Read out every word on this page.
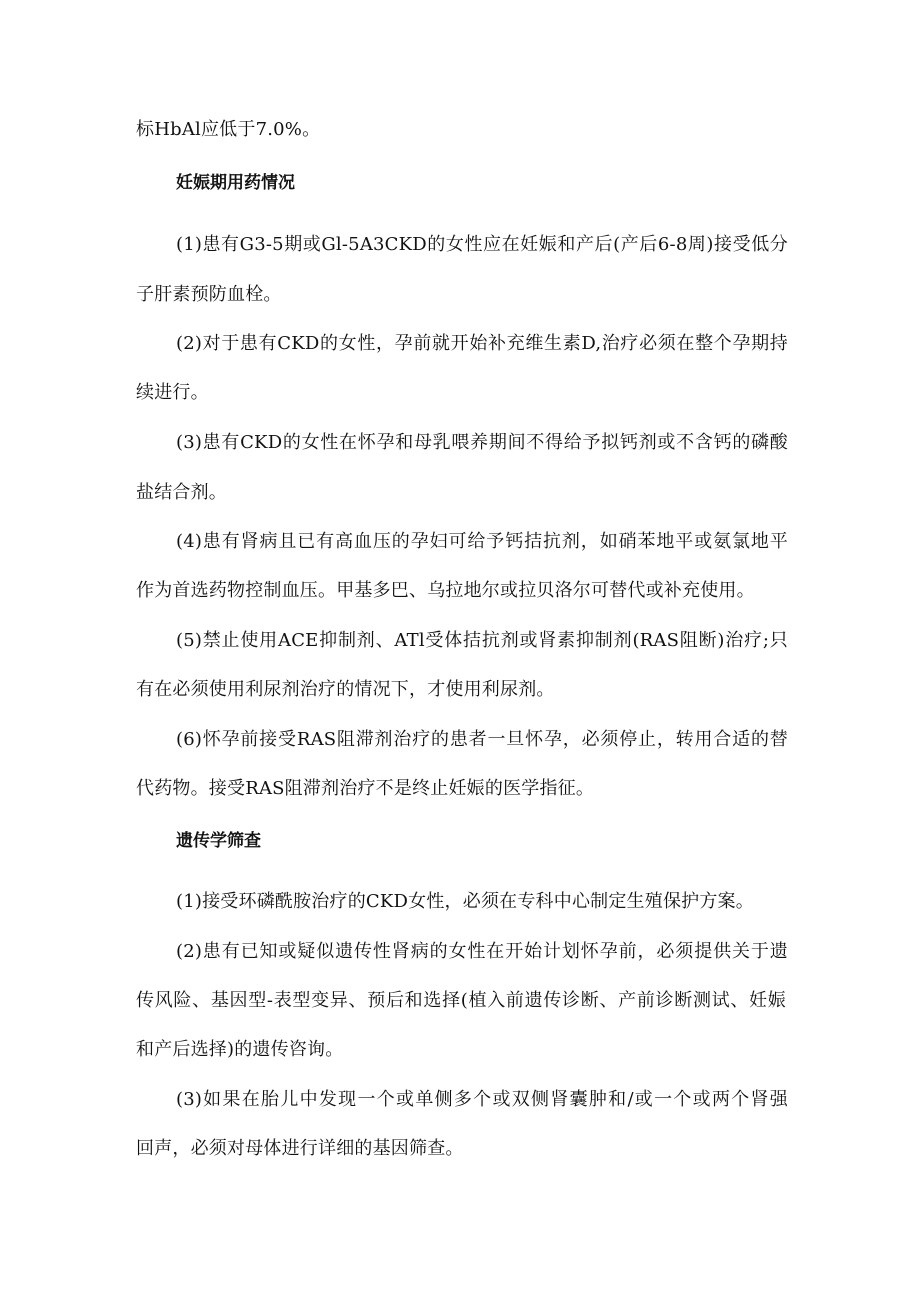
标HbAl应低于7.0%。
妊娠期用药情况
(1)患有G3-5期或Gl-5A3CKD的女性应在妊娠和产后(产后6-8周)接受低分
子肝素预防血栓。
(2)对于患有CKD的女性，孕前就开始补充维生素D,治疗必须在整个孕期持
续进行。
(3)患有CKD的女性在怀孕和母乳喂养期间不得给予拟钙剂或不含钙的磷酸
盐结合剂。
(4)患有肾病且已有高血压的孕妇可给予钙拮抗剂，如硝苯地平或氨氯地平
作为首选药物控制血压。甲基多巴、乌拉地尔或拉贝洛尔可替代或补充使用。
(5)禁止使用ACE抑制剂、ATl受体拮抗剂或肾素抑制剂(RAS阻断)治疗;只
有在必须使用利尿剂治疗的情况下，才使用利尿剂。
(6)怀孕前接受RAS阻滞剂治疗的患者一旦怀孕，必须停止，转用合适的替
代药物。接受RAS阻滞剂治疗不是终止妊娠的医学指征。
遗传学筛查
(1)接受环磷酰胺治疗的CKD女性，必须在专科中心制定生殖保护方案。
(2)患有已知或疑似遗传性肾病的女性在开始计划怀孕前，必须提供关于遗
传风险、基因型-表型变异、预后和选择(植入前遗传诊断、产前诊断测试、妊娠
和产后选择)的遗传咨询。
(3)如果在胎儿中发现一个或单侧多个或双侧肾囊肿和/或一个或两个肾强
回声，必须对母体进行详细的基因筛查。
